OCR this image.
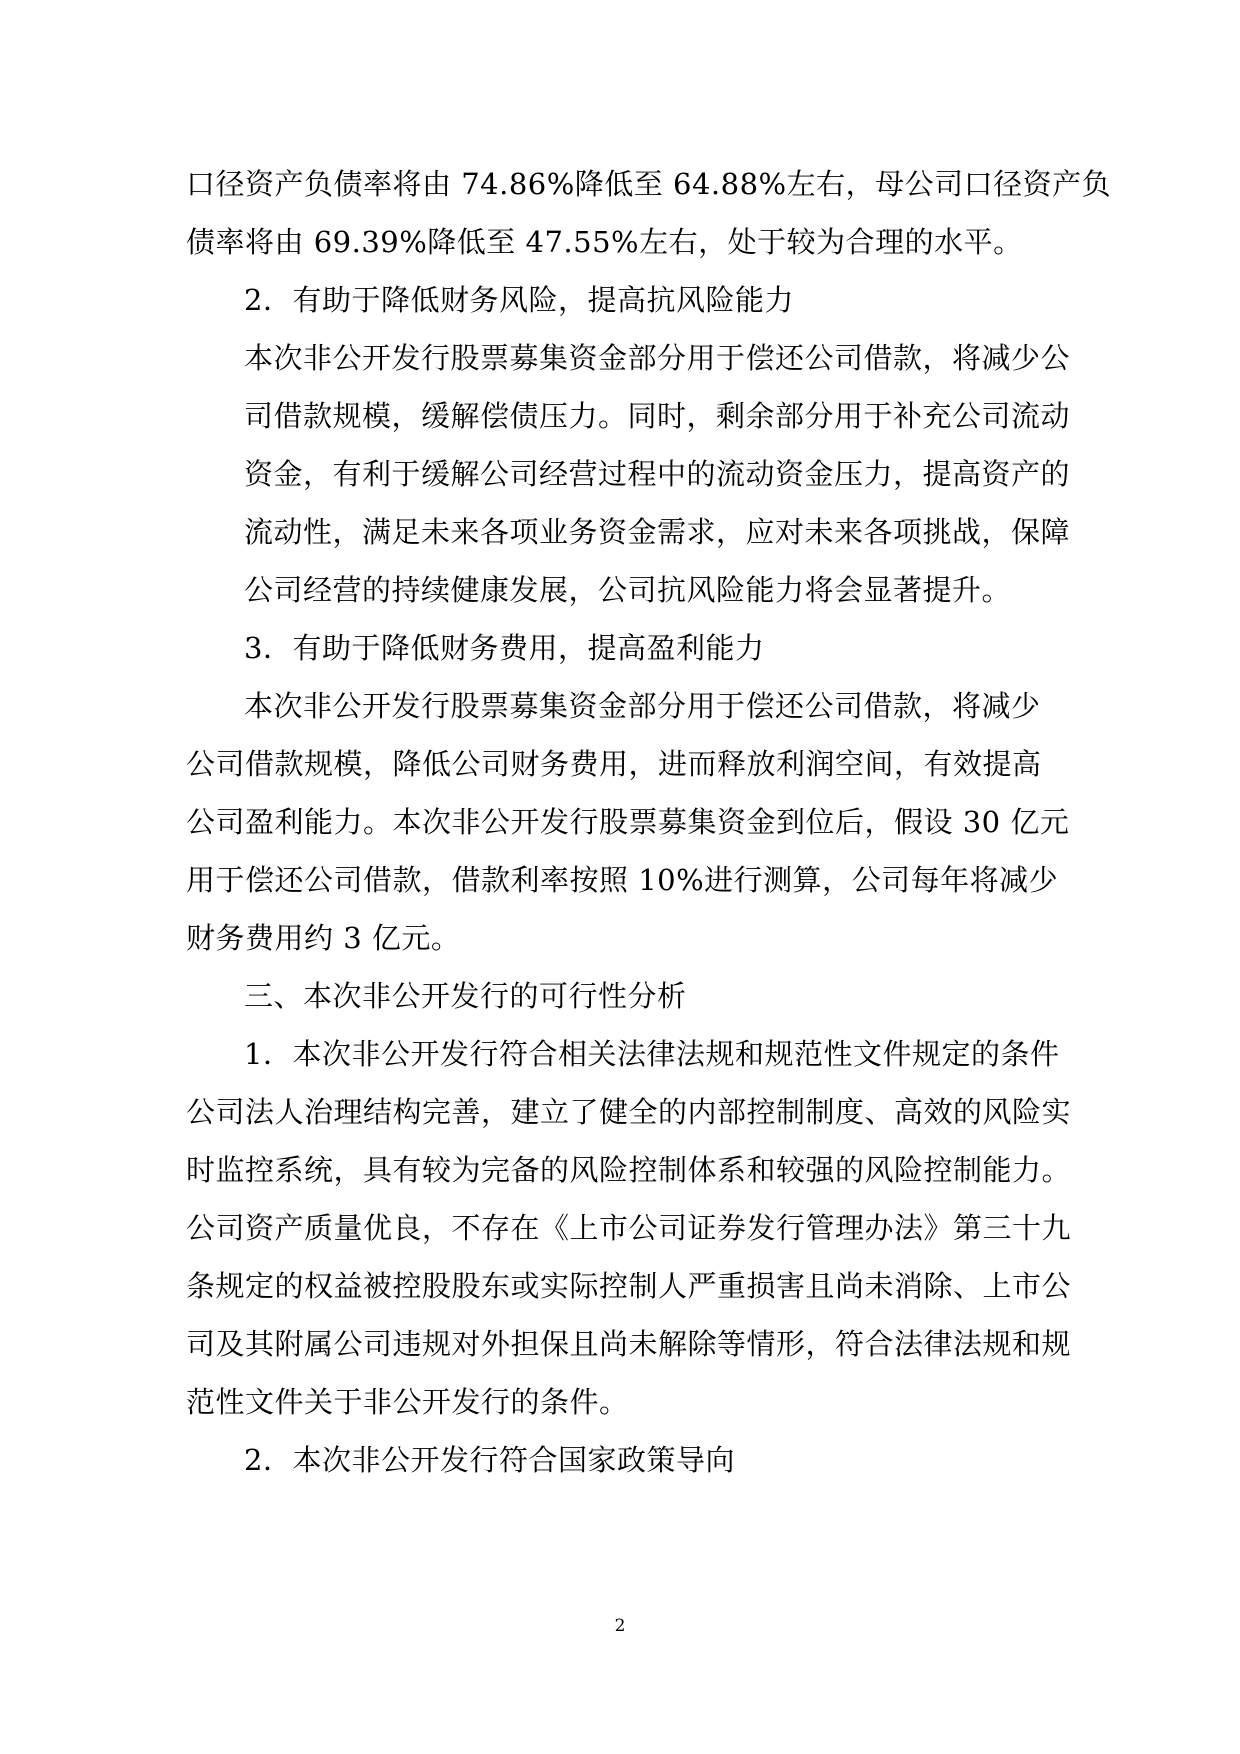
口径资产负债率将由 74.86%降低至 64.88%左右，母公司口径资产负
债率将由 69.39%降低至 47.55%左右，处于较为合理的水平。
2．有助于降低财务风险，提高抗风险能力
本次非公开发行股票募集资金部分用于偿还公司借款，将减少公
司借款规模，缓解偿债压力。同时，剩余部分用于补充公司流动
资金，有利于缓解公司经营过程中的流动资金压力，提高资产的
流动性，满足未来各项业务资金需求，应对未来各项挑战，保障
公司经营的持续健康发展，公司抗风险能力将会显著提升。
3．有助于降低财务费用，提高盈利能力
本次非公开发行股票募集资金部分用于偿还公司借款，将减少
公司借款规模，降低公司财务费用，进而释放利润空间，有效提高
公司盈利能力。本次非公开发行股票募集资金到位后，假设 30 亿元
用于偿还公司借款，借款利率按照 10%进行测算，公司每年将减少
财务费用约 3 亿元。
三、本次非公开发行的可行性分析
1．本次非公开发行符合相关法律法规和规范性文件规定的条件
公司法人治理结构完善，建立了健全的内部控制制度、高效的风险实
时监控系统，具有较为完备的风险控制体系和较强的风险控制能力。
公司资产质量优良，不存在《上市公司证券发行管理办法》第三十九
条规定的权益被控股股东或实际控制人严重损害且尚未消除、上市公
司及其附属公司违规对外担保且尚未解除等情形，符合法律法规和规
范性文件关于非公开发行的条件。
2．本次非公开发行符合国家政策导向
2
